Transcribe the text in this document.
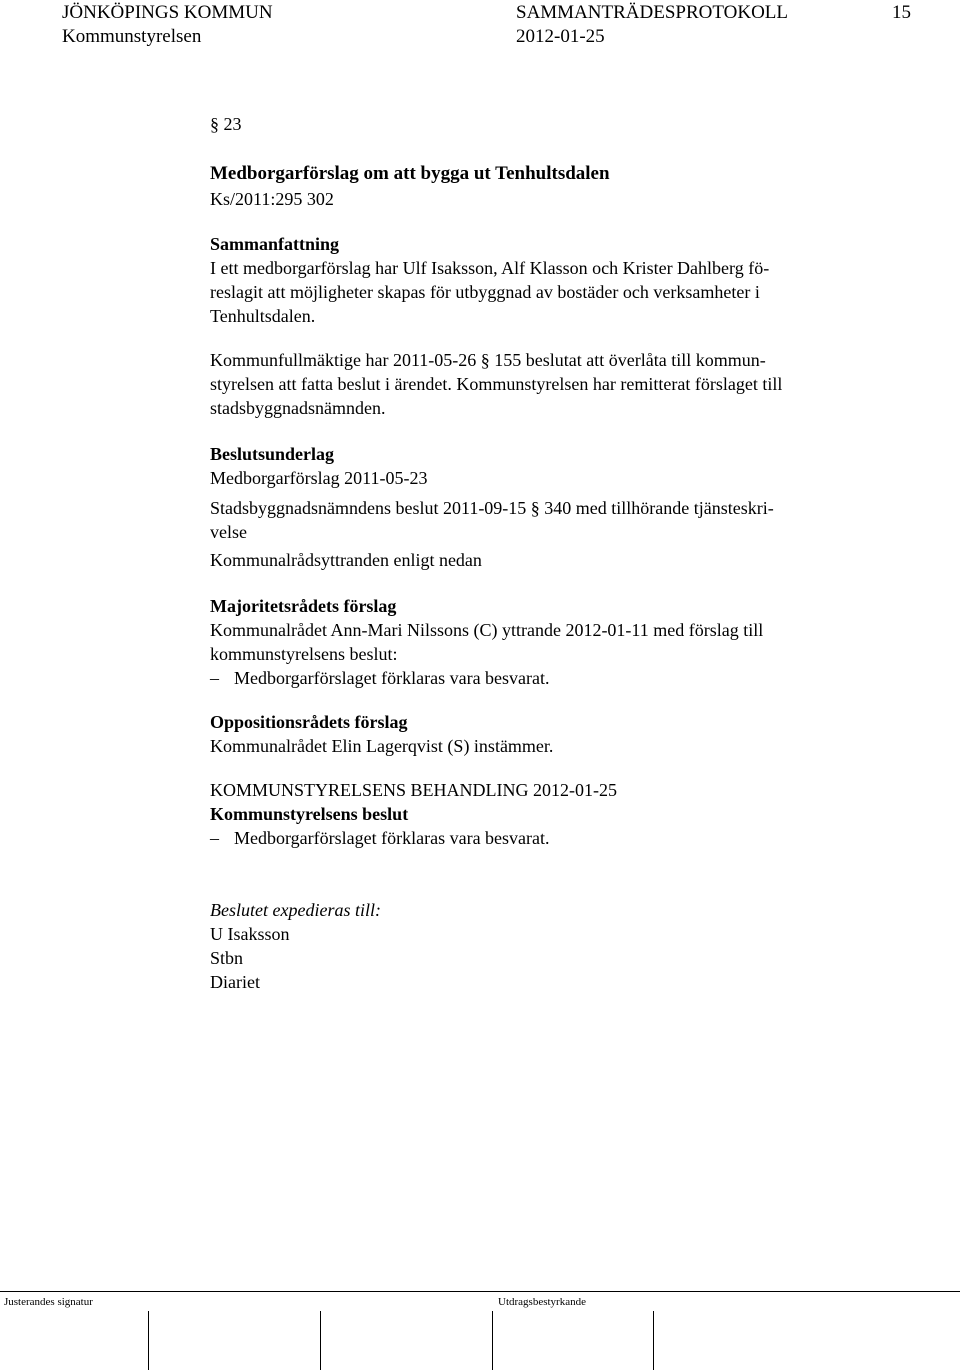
JÖNKÖPINGS KOMMUN	SAMMANTRÄDESPROTOKOLL	15
Kommunstyrelsen	2012-01-25
§ 23
Medborgarförslag om att bygga ut Tenhultsdalen
Ks/2011:295 302
Sammanfattning
I ett medborgarförslag har Ulf Isaksson, Alf Klasson och Krister Dahlberg fö-
reslagit att möjligheter skapas för utbyggnad av bostäder och verksamheter i
Tenhultsdalen.
Kommunfullmäktige har 2011-05-26 § 155 beslutat att överlåta till kommun-
styrelsen att fatta beslut i ärendet. Kommunstyrelsen har remitterat förslaget till
stadsbyggnadsnämnden.
Beslutsunderlag
Medborgarförslag 2011-05-23
Stadsbyggnadsnämndens beslut 2011-09-15 § 340 med tillhörande tjänsteskri-
velse
Kommunalrådsyttranden enligt nedan
Majoritetsrådets förslag
Kommunalrådet Ann-Mari Nilssons (C) yttrande 2012-01-11 med förslag till
kommunstyrelsens beslut:
– Medborgarförslaget förklaras vara besvarat.
Oppositionsrådets förslag
Kommunalrådet Elin Lagerqvist (S) instämmer.
KOMMUNSTYRELSENS BEHANDLING 2012-01-25
Kommunstyrelsens beslut
– Medborgarförslaget förklaras vara besvarat.
Beslutet expedieras till:
U Isaksson
Stbn
Diariet
Justerandes signatur	Utdragsbestyrkande
